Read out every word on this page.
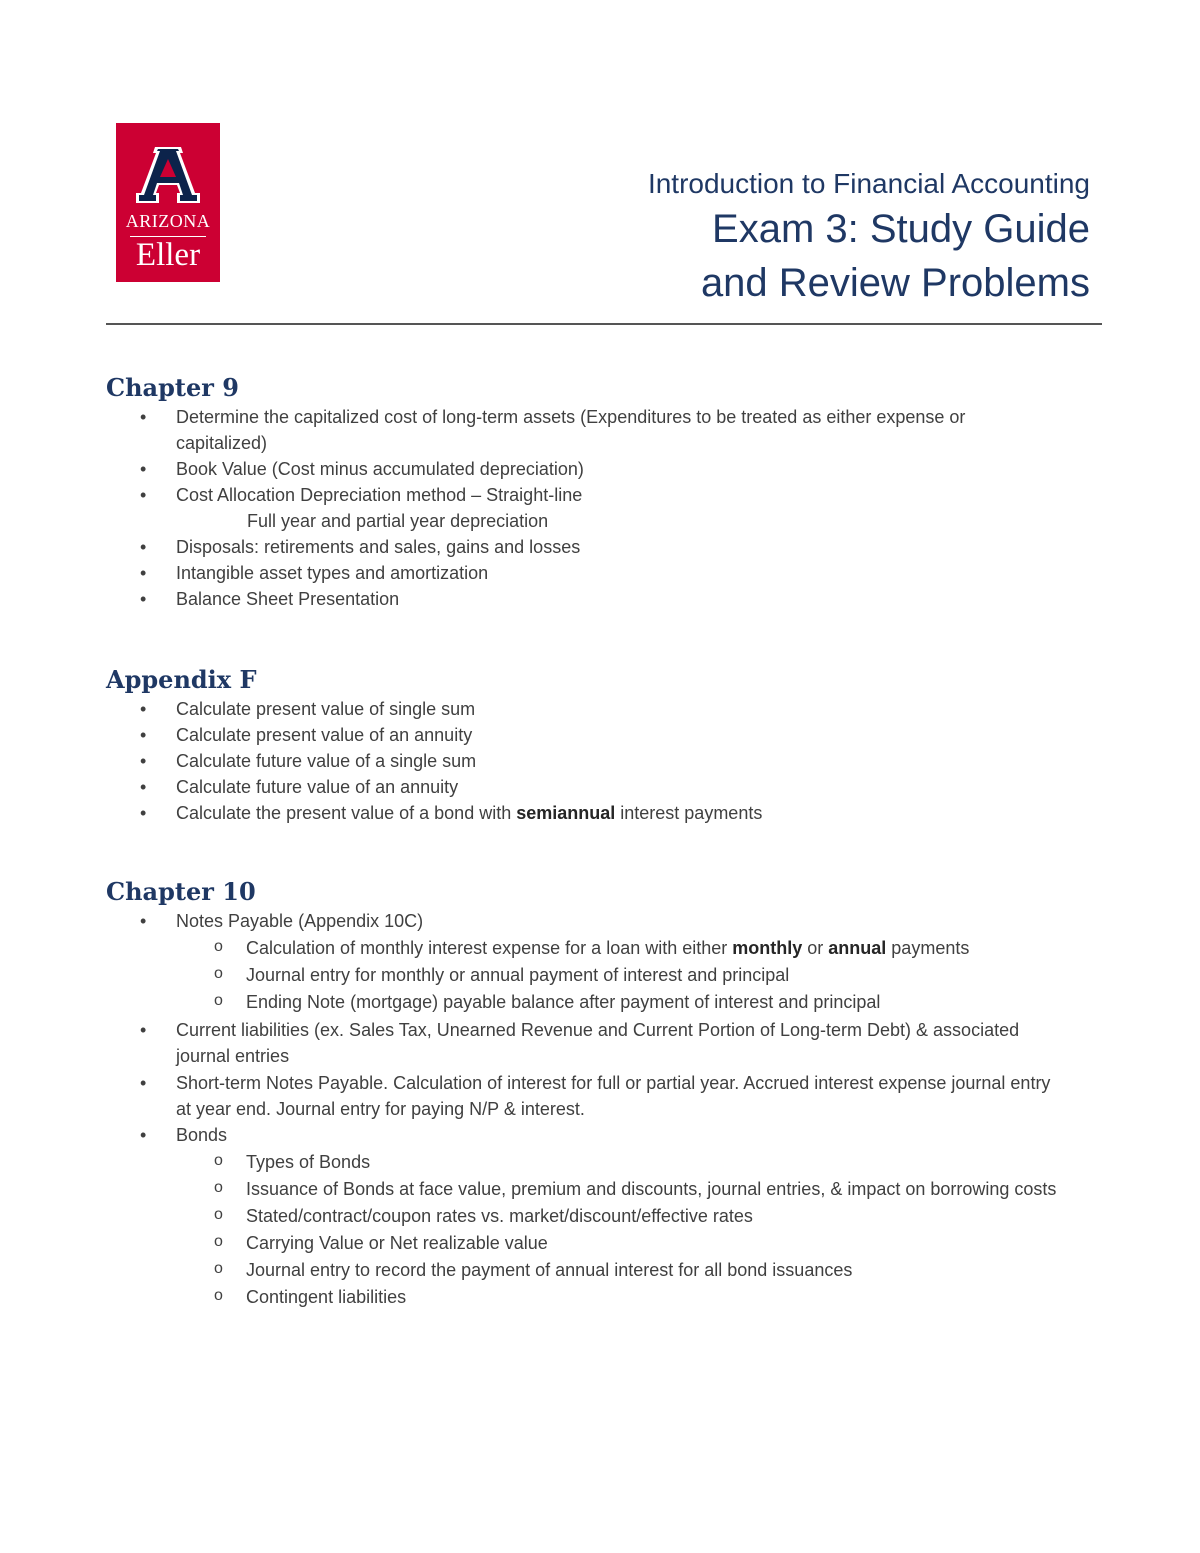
ARIZONA
Eller
Introduction to Financial Accounting
Exam 3: Study Guide
and Review Problems
Chapter 9
• Determine the capitalized cost of long-term assets (Expenditures to be treated as either expense or capitalized)
• Book Value (Cost minus accumulated depreciation)
• Cost Allocation Depreciation method – Straight-line
Full year and partial year depreciation
• Disposals: retirements and sales, gains and losses
• Intangible asset types and amortization
• Balance Sheet Presentation
Appendix F
• Calculate present value of single sum
• Calculate present value of an annuity
• Calculate future value of a single sum
• Calculate future value of an annuity
• Calculate the present value of a bond with semiannual interest payments
Chapter 10
• Notes Payable (Appendix 10C)
o Calculation of monthly interest expense for a loan with either monthly or annual payments
o Journal entry for monthly or annual payment of interest and principal
o Ending Note (mortgage) payable balance after payment of interest and principal
• Current liabilities (ex. Sales Tax, Unearned Revenue and Current Portion of Long-term Debt) & associated journal entries
• Short-term Notes Payable. Calculation of interest for full or partial year. Accrued interest expense journal entry at year end. Journal entry for paying N/P & interest.
• Bonds
o Types of Bonds
o Issuance of Bonds at face value, premium and discounts, journal entries, & impact on borrowing costs
o Stated/contract/coupon rates vs. market/discount/effective rates
o Carrying Value or Net realizable value
o Journal entry to record the payment of annual interest for all bond issuances
o Contingent liabilities
